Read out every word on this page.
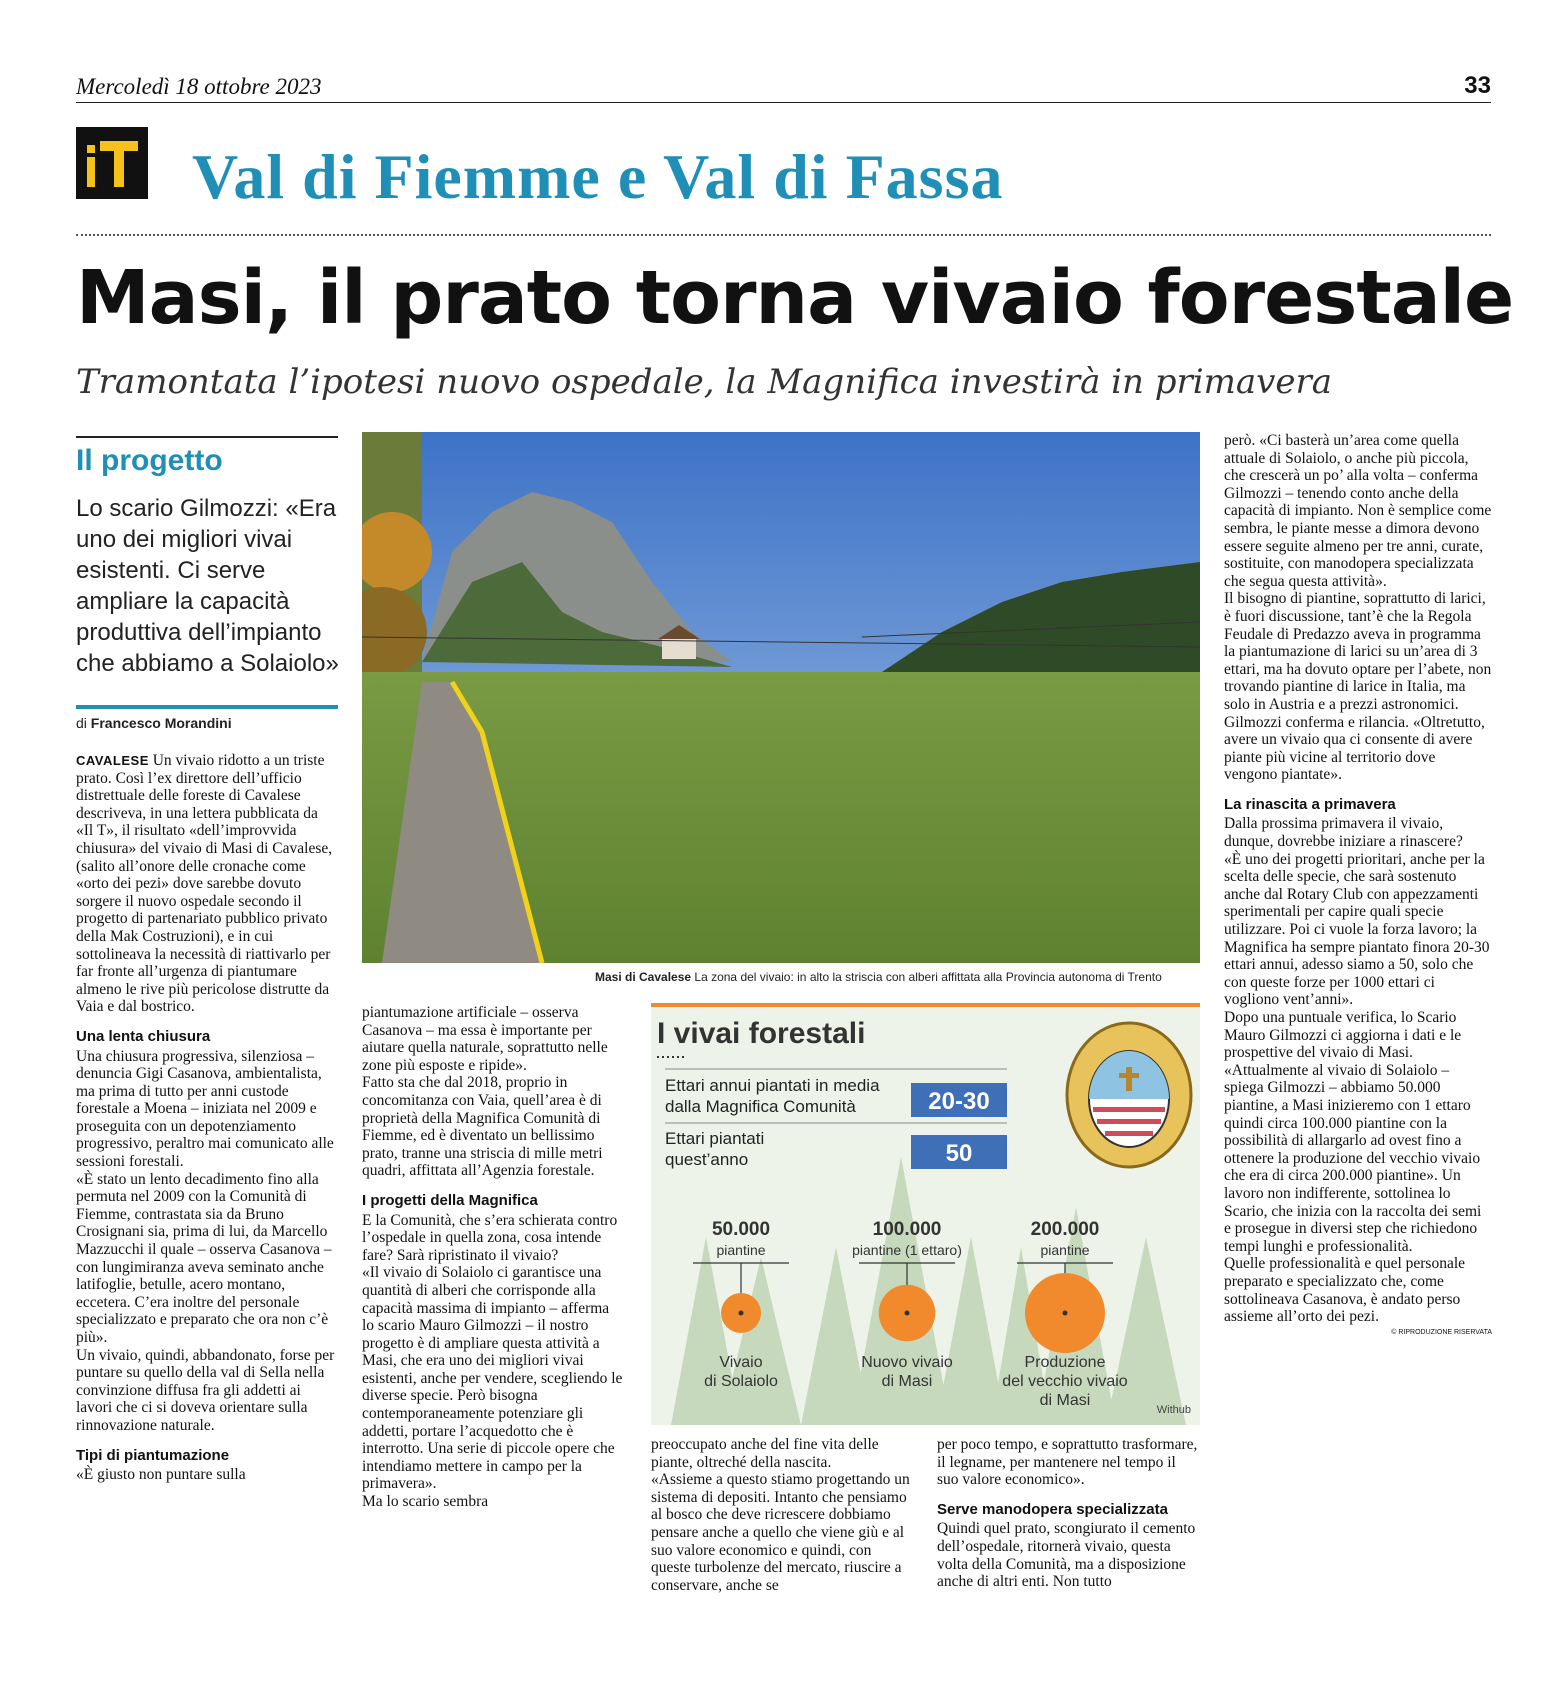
Mercoledì 18 ottobre 2023	33
Val di Fiemme e Val di Fassa
Masi, il prato torna vivaio forestale
Tramontata l’ipotesi nuovo ospedale, la Magnifica investirà in primavera
Il progetto
Lo scario Gilmozzi: «Era uno dei migliori vivai esistenti. Ci serve ampliare la capacità produttiva dell’impianto che abbiamo a Solaiolo»
di Francesco Morandini

CAVALESE Un vivaio ridotto a un triste prato. Così l’ex direttore dell’ufficio distrettuale delle foreste di Cavalese descriveva, in una lettera pubblicata da «Il T», il risultato «dell’improvvida chiusura» del vivaio di Masi di Cavalese, (salito all’onore delle cronache come «orto dei pezi» dove sarebbe dovuto sorgere il nuovo ospedale secondo il progetto di partenariato pubblico privato della Mak Costruzioni), e in cui sottolineava la necessità di riattivarlo per far fronte all’urgenza di piantumare almeno le rive più pericolose distrutte da Vaia e dal bostrico.

Una lenta chiusura

Una chiusura progressiva, silenziosa – denuncia Gigi Casanova, ambientalista, ma prima di tutto per anni custode forestale a Moena – iniziata nel 2009 e proseguita con un depotenziamento progressivo, peraltro mai comunicato alle sessioni forestali.

«È stato un lento decadimento fino alla permuta nel 2009 con la Comunità di Fiemme, contrastata sia da Bruno Crosignani sia, prima di lui, da Marcello Mazzucchi il quale – osserva Casanova – con lungimiranza aveva seminato anche latifoglie, betulle, acero montano, eccetera. C’era inoltre del personale specializzato e preparato che ora non c’è più».

Un vivaio, quindi, abbandonato, forse per puntare su quello della val di Sella nella convinzione diffusa fra gli addetti ai lavori che ci si doveva orientare sulla rinnovazione naturale.

Tipi di piantumazione

«È giusto non puntare sulla

Masi di Cavalese La zona del vivaio: in alto la striscia con alberi affittata alla Provincia autonoma di Trento

piantumazione artificiale – osserva Casanova – ma essa è importante per aiutare quella naturale, soprattutto nelle zone più esposte e ripide».

Fatto sta che dal 2018, proprio in concomitanza con Vaia, quell’area è di proprietà della Magnifica Comunità di Fiemme, ed è diventato un bellissimo prato, tranne una striscia di mille metri quadri, affittata all’Agenzia forestale.

I progetti della Magnifica

E la Comunità, che s’era schierata contro l’ospedale in quella zona, cosa intende fare? Sarà ripristinato il vivaio?

«Il vivaio di Solaiolo ci garantisce una quantità di alberi che corrisponde alla capacità massima di impianto – afferma lo scario Mauro Gilmozzi – il nostro progetto è di ampliare questa attività a Masi, che era uno dei migliori vivai esistenti, anche per vendere, scegliendo le diverse specie. Però bisogna contemporaneamente potenziare gli addetti, portare l’acquedotto che è interrotto. Una serie di piccole opere che intendiamo mettere in campo per la primavera».

Ma lo scario sembra

I vivai forestali
Ettari annui piantati in media
dalla Magnifica Comunità	20-30
Ettari piantati
quest’anno	50
50.000
piantine
Vivaio
di Solaiolo
100.000
piantine (1 ettaro)
Nuovo vivaio
di Masi
200.000
piantine
Produzione
del vecchio vivaio
di Masi
Withub

preoccupato anche del fine vita delle piante, oltreché della nascita.

«Assieme a questo stiamo progettando un sistema di depositi. Intanto che pensiamo al bosco che deve ricrescere dobbiamo pensare anche a quello che viene giù e al suo valore economico e quindi, con queste turbolenze del mercato, riuscire a conservare, anche se

per poco tempo, e soprattutto trasformare, il legname, per mantenere nel tempo il suo valore economico».

Serve manodopera specializzata

Quindi quel prato, scongiurato il cemento dell’ospedale, ritornerà vivaio, questa volta della Comunità, ma a disposizione anche di altri enti. Non tutto

però. «Ci basterà un’area come quella attuale di Solaiolo, o anche più piccola, che crescerà un po’ alla volta – conferma Gilmozzi – tenendo conto anche della capacità di impianto. Non è semplice come sembra, le piante messe a dimora devono essere seguite almeno per tre anni, curate, sostituite, con manodopera specializzata che segua questa attività».

Il bisogno di piantine, soprattutto di larici, è fuori discussione, tant’è che la Regola Feudale di Predazzo aveva in programma la piantumazione di larici su un’area di 3 ettari, ma ha dovuto optare per l’abete, non trovando piantine di larice in Italia, ma solo in Austria e a prezzi astronomici.

Gilmozzi conferma e rilancia. «Oltretutto, avere un vivaio qua ci consente di avere piante più vicine al territorio dove vengono piantate».

La rinascita a primavera

Dalla prossima primavera il vivaio, dunque, dovrebbe iniziare a rinascere?

«È uno dei progetti prioritari, anche per la scelta delle specie, che sarà sostenuto anche dal Rotary Club con appezzamenti sperimentali per capire quali specie utilizzare. Poi ci vuole la forza lavoro; la Magnifica ha sempre piantato finora 20-30 ettari annui, adesso siamo a 50, solo che con queste forze per 1000 ettari ci vogliono vent’anni».

Dopo una puntuale verifica, lo Scario Mauro Gilmozzi ci aggiorna i dati e le prospettive del vivaio di Masi. «Attualmente al vivaio di Solaiolo – spiega Gilmozzi – abbiamo 50.000 piantine, a Masi inizieremo con 1 ettaro quindi circa 100.000 piantine con la possibilità di allargarlo ad ovest fino a ottenere la produzione del vecchio vivaio che era di circa 200.000 piantine». Un lavoro non indifferente, sottolinea lo Scario, che inizia con la raccolta dei semi e prosegue in diversi step che richiedono tempi lunghi e professionalità.

Quelle professionalità e quel personale preparato e specializzato che, come sottolineava Casanova, è andato perso assieme all’orto dei pezi.

© RIPRODUZIONE RISERVATA
